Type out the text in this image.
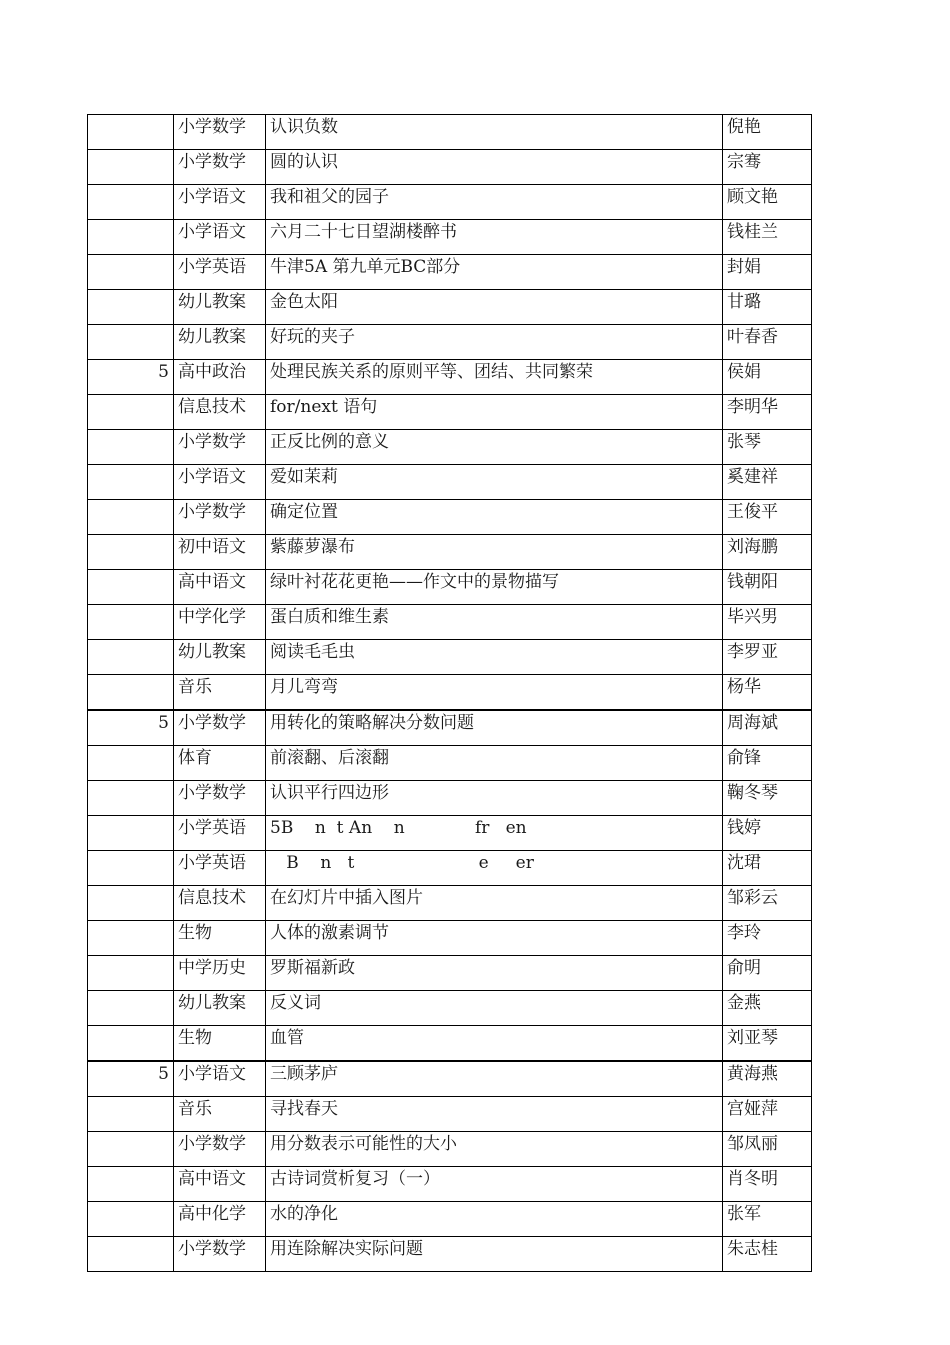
	小学数学	认识负数	倪艳
	小学数学	圆的认识	宗骞
	小学语文	我和祖父的园子	顾文艳
	小学语文	六月二十七日望湖楼醉书	钱桂兰
	小学英语	牛津5A 第九单元BC部分	封娟
	幼儿教案	金色太阳	甘璐
	幼儿教案	好玩的夹子	叶春香
5	高中政治	处理民族关系的原则平等、团结、共同繁荣	侯娟
	信息技术	for/next 语句	李明华
	小学数学	正反比例的意义	张琴
	小学语文	爱如茉莉	奚建祥
	小学数学	确定位置	王俊平
	初中语文	紫藤萝瀑布	刘海鹏
	高中语文	绿叶衬花花更艳——作文中的景物描写	钱朝阳
	中学化学	蛋白质和维生素	毕兴男
	幼儿教案	阅读毛毛虫	李罗亚
	音乐	月儿弯弯	杨华
5	小学数学	用转化的策略解决分数问题	周海斌
	体育	前滚翻、后滚翻	俞锋
	小学数学	认识平行四边形	鞠冬琴
	小学英语	5B    n  t An    n             fr   en	钱婷
	小学英语	B    n   t                       e     er	沈珺
	信息技术	在幻灯片中插入图片	邹彩云
	生物	人体的激素调节	李玲
	中学历史	罗斯福新政	俞明
	幼儿教案	反义词	金燕
	生物	血管	刘亚琴
5	小学语文	三顾茅庐	黄海燕
	音乐	寻找春天	宫娅萍
	小学数学	用分数表示可能性的大小	邹凤丽
	高中语文	古诗词赏析复习（一）	肖冬明
	高中化学	水的净化	张军
	小学数学	用连除解决实际问题	朱志桂
